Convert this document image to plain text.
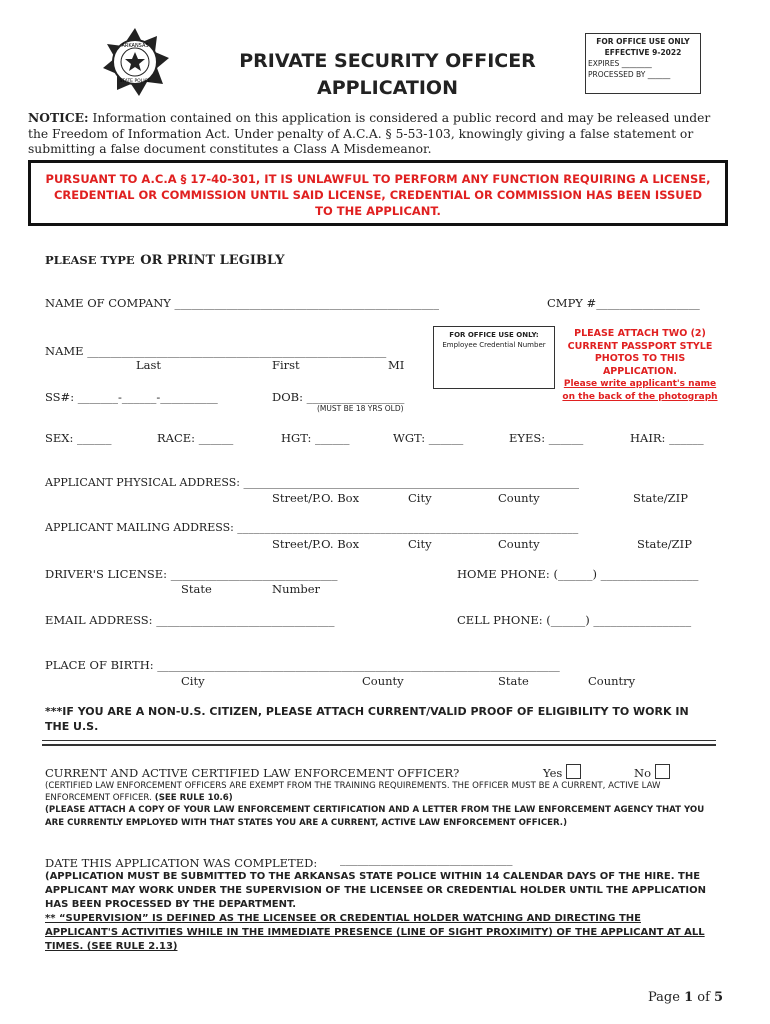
ARKANSAS
STATE POLICE
PRIVATE SECURITY OFFICER
APPLICATION
FOR OFFICE USE ONLY
EFFECTIVE 9-2022
EXPIRES ________
PROCESSED BY ______
NOTICE: Information contained on this application is considered a public record and may be released under the Freedom of Information Act. Under penalty of A.C.A. § 5-53-103, knowingly giving a false statement or submitting a false document constitutes a Class A Misdemeanor.
PURSUANT TO A.C.A § 17-40-301, IT IS UNLAWFUL TO PERFORM ANY FUNCTION REQUIRING A LICENSE, CREDENTIAL OR COMMISSION UNTIL SAID LICENSE, CREDENTIAL OR COMMISSION HAS BEEN ISSUED TO THE APPLICANT.
PLEASE TYPE OR PRINT LEGIBLY
NAME OF COMPANY ______________________________________________	CMPY #__________________
FOR OFFICE USE ONLY:
Employee Credential Number
PLEASE ATTACH TWO (2)
CURRENT PASSPORT STYLE
PHOTOS TO THIS
APPLICATION.
Please write applicant's name
on the back of the photograph
NAME ____________________________________________________
Last	First	MI
SS#: _______-______-__________	DOB: _________________
(MUST BE 18 YRS OLD)
SEX: ______	RACE: ______	HGT: ______	WGT: ______	EYES: ______	HAIR: ______
APPLICANT PHYSICAL ADDRESS: _____________________________________________________________
Street/P.O. Box	City	County	State/ZIP
APPLICANT MAILING ADDRESS: ______________________________________________________________
Street/P.O. Box	City	County	State/ZIP
DRIVER'S LICENSE: _____________________________
State	Number
HOME PHONE: (______) _________________
EMAIL ADDRESS: _______________________________	CELL PHONE: (______) _________________
PLACE OF BIRTH: ______________________________________________________________________
City	County	State	Country
***IF YOU ARE A NON-U.S. CITIZEN, PLEASE ATTACH CURRENT/VALID PROOF OF ELIGIBILITY TO WORK IN THE U.S.
CURRENT AND ACTIVE CERTIFIED LAW ENFORCEMENT OFFICER?	Yes	No
(CERTIFIED LAW ENFORCEMENT OFFICERS ARE EXEMPT FROM THE TRAINING REQUIREMENTS. THE OFFICER MUST BE A CURRENT, ACTIVE LAW ENFORCEMENT OFFICER. (SEE RULE 10.6)
(PLEASE ATTACH A COPY OF YOUR LAW ENFORCEMENT CERTIFICATION AND A LETTER FROM THE LAW ENFORCEMENT AGENCY THAT YOU ARE CURRENTLY EMPLOYED WITH THAT STATES YOU ARE A CURRENT, ACTIVE LAW ENFORCEMENT OFFICER.)
DATE THIS APPLICATION WAS COMPLETED: ______________________________
(APPLICATION MUST BE SUBMITTED TO THE ARKANSAS STATE POLICE WITHIN 14 CALENDAR DAYS OF THE HIRE. THE APPLICANT MAY WORK UNDER THE SUPERVISION OF THE LICENSEE OR CREDENTIAL HOLDER UNTIL THE APPLICATION HAS BEEN PROCESSED BY THE DEPARTMENT.
** “SUPERVISION” IS DEFINED AS THE LICENSEE OR CREDENTIAL HOLDER WATCHING AND DIRECTING THE APPLICANT'S ACTIVITIES WHILE IN THE IMMEDIATE PRESENCE (LINE OF SIGHT PROXIMITY) OF THE APPLICANT AT ALL TIMES. (SEE RULE 2.13)
Page 1 of 5
